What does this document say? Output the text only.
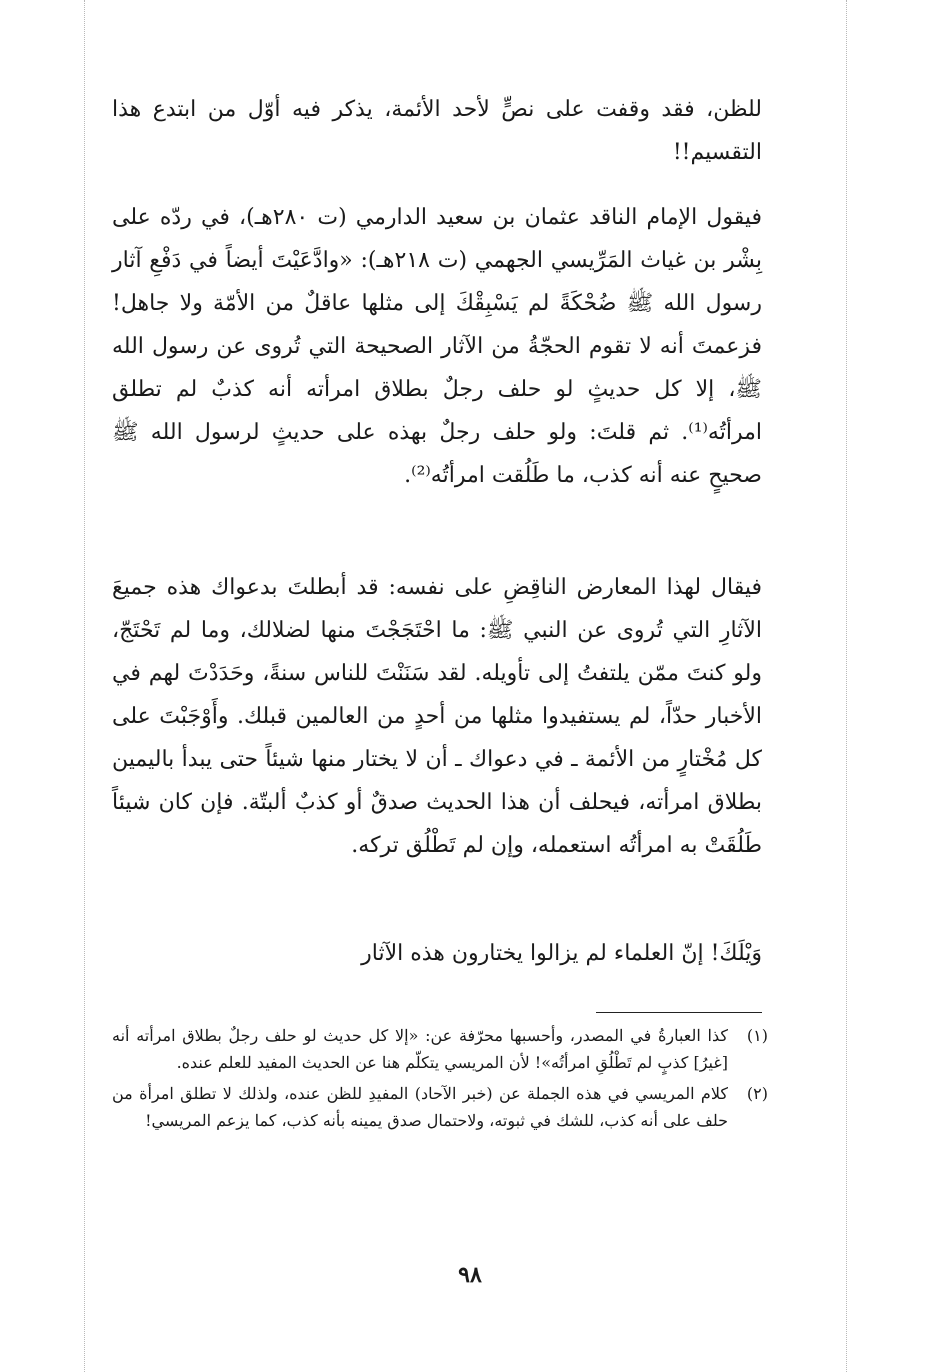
للظن، فقد وقفت على نصٍّ لأحد الأئمة، يذكر فيه أوّل من ابتدع هذا التقسيم!!

فيقول الإمام الناقد عثمان بن سعيد الدارمي (ت ٢٨٠هـ)، في ردّه على بِشْر بن غياث المَرِّيسي الجهمي (ت ٢١٨هـ): «وادَّعَيْتَ أيضاً في دَفْعِ آثار رسول الله ﷺ ضُحْكَةً لم يَسْبِقْكَ إلى مثلها عاقلٌ من الأمّة ولا جاهل! فزعمتَ أنه لا تقوم الحجّةُ من الآثار الصحيحة التي تُروى عن رسول الله ﷺ، إلا كل حديثٍ لو حلف رجلٌ بطلاق امرأته أنه كذبٌ لم تطلق امرأتُه⁽¹⁾. ثم قلتَ: ولو حلف رجلٌ بهذه على حديثٍ لرسول الله ﷺ صحيحٍ عنه أنه كذب، ما طَلُقت امرأتُه⁽²⁾.

فيقال لهذا المعارض الناقِضِ على نفسه: قد أبطلتَ بدعواك هذه جميعَ الآثارِ التي تُروى عن النبي ﷺ: ما احْتَجَجْتَ منها لضلالك، وما لم تَحْتَجّ، ولو كنتَ ممّن يلتفتُ إلى تأويله. لقد سَنَنْتَ للناس سنةً، وحَدَدْتَ لهم في الأخبار حدّاً، لم يستفيدوا مثلها من أحدٍ من العالمين قبلك. وأَوْجَبْتَ على كل مُخْتارٍ من الأئمة ـ في دعواك ـ أن لا يختار منها شيئاً حتى يبدأ باليمين بطلاق امرأته، فيحلف أن هذا الحديث صدقٌ أو كذبٌ ألبتّة. فإن كان شيئاً طَلُقَتْ به امرأتُه استعمله، وإن لم تَطْلُق تركه.

وَيْلَكَ! إنّ العلماء لم يزالوا يختارون هذه الآثار

(١)
كذا العبارةُ في المصدر، وأحسبها محرّفة عن: «إلا كل حديث لو حلف رجلٌ بطلاق امرأته أنه [غيرُ] كذبٍ لم تَطْلُقِ امرأتُه»! لأن المريسي يتكلّم هنا عن الحديث المفيد للعلم عنده.
(٢)
كلام المريسي في هذه الجملة عن (خبر الآحاد) المفيدِ للظن عنده، ولذلك لا تطلق امرأة من حلف على أنه كذب، للشك في ثبوته، ولاحتمال صدق يمينه بأنه كذب، كما يزعم المريسي!
٩٨
